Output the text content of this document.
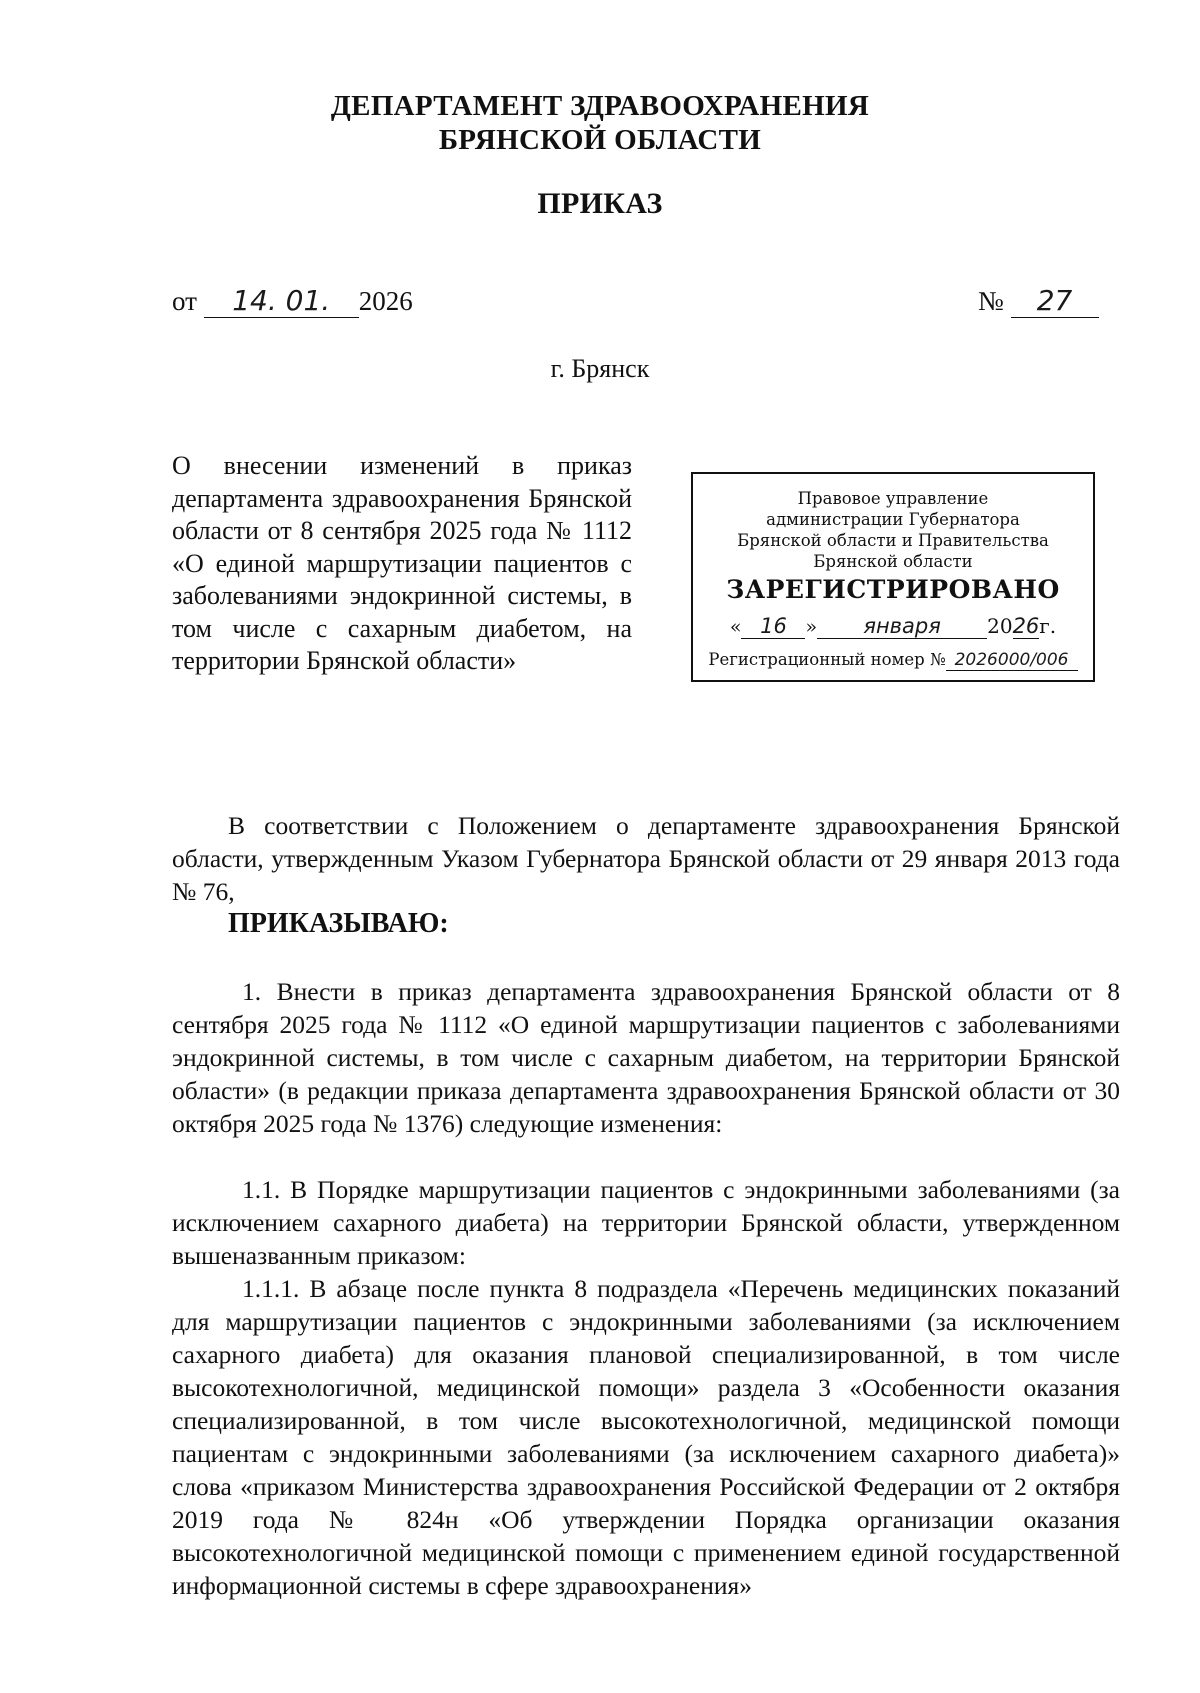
ДЕПАРТАМЕНТ ЗДРАВООХРАНЕНИЯ
БРЯНСКОЙ ОБЛАСТИ
ПРИКАЗ
от 14. 01. 2026	№ 27
г. Брянск
О внесении изменений в приказ департамента здравоохранения Брянской области от 8 сентября 2025 года № 1112 «О единой маршрутизации пациентов с заболеваниями эндокринной системы, в том числе с сахарным диабетом, на территории Брянской области»
Правовое управление
администрации Губернатора
Брянской области и Правительства
Брянской области
ЗАРЕГИСТРИРОВАНО
« 16 » января 2026г.
Регистрационный номер № 2026000/006
В соответствии с Положением о департаменте здравоохранения Брянской области, утвержденным Указом Губернатора Брянской области от 29 января 2013 года № 76,
ПРИКАЗЫВАЮ:
1. Внести в приказ департамента здравоохранения Брянской области от 8 сентября 2025 года № 1112 «О единой маршрутизации пациентов с заболеваниями эндокринной системы, в том числе с сахарным диабетом, на территории Брянской области» (в редакции приказа департамента здравоохранения Брянской области от 30 октября 2025 года № 1376) следующие изменения:
1.1. В Порядке маршрутизации пациентов с эндокринными заболеваниями (за исключением сахарного диабета) на территории Брянской области, утвержденном вышеназванным приказом:
1.1.1. В абзаце после пункта 8 подраздела «Перечень медицинских показаний для маршрутизации пациентов с эндокринными заболеваниями (за исключением сахарного диабета) для оказания плановой специализированной, в том числе высокотехнологичной, медицинской помощи» раздела 3 «Особенности оказания специализированной, в том числе высокотехнологичной, медицинской помощи пациентам с эндокринными заболеваниями (за исключением сахарного диабета)» слова «приказом Министерства здравоохранения Российской Федерации от 2 октября 2019 года № 824н «Об утверждении Порядка организации оказания высокотехнологичной медицинской помощи с применением единой государственной информационной системы в сфере здравоохранения»
